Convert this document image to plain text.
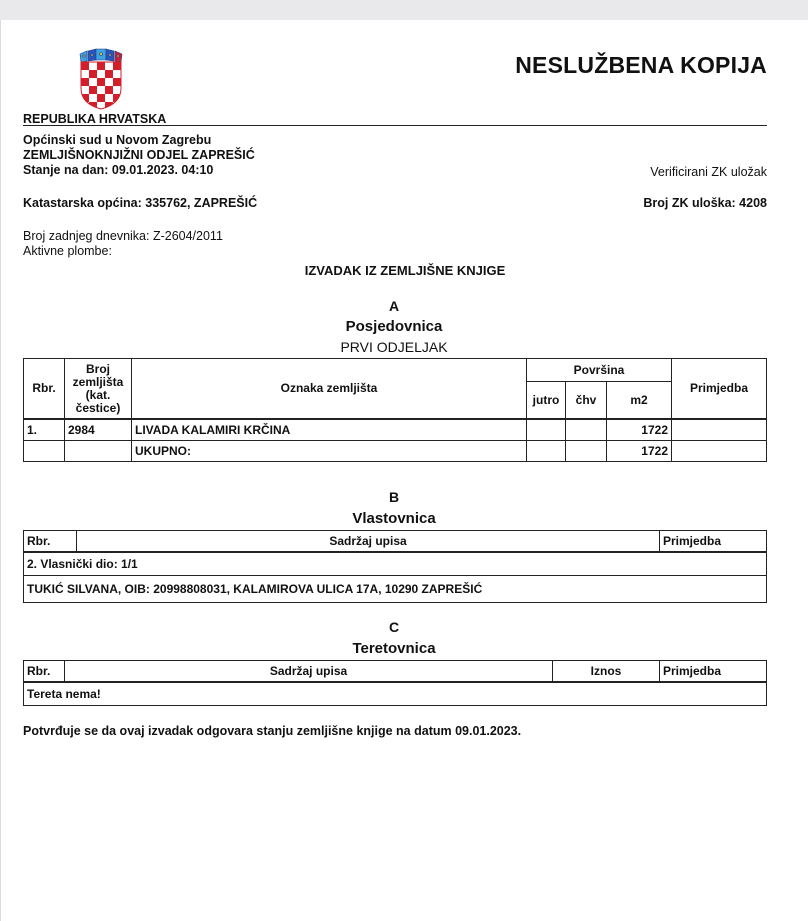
NESLUŽBENA KOPIJA
REPUBLIKA HRVATSKA
Općinski sud u Novom Zagrebu
ZEMLJIŠNOKNJIŽNI ODJEL ZAPREŠIĆ
Stanje na dan: 09.01.2023. 04:10	Verificirani ZK uložak
Katastarska općina: 335762, ZAPREŠIĆ	Broj ZK uloška: 4208
Broj zadnjeg dnevnika: Z-2604/2011
Aktivne plombe:
IZVADAK IZ ZEMLJIŠNE KNJIGE
A
Posjedovnica
PRVI ODJELJAK
Rbr.	Broj
zemljišta
(kat.
čestice)	Oznaka zemljišta	Površina			Primjedba
			jutro	čhv	m2	
1.	2984	LIVADA KALAMIRI KRČINA			1722	
		UKUPNO:			1722	
B
Vlastovnica
Rbr.	Sadržaj upisa	Primjedba
2. Vlasnički dio: 1/1
TUKIĆ SILVANA, OIB: 20998808031, KALAMIROVA ULICA 17A, 10290 ZAPREŠIĆ
C
Teretovnica
Rbr.	Sadržaj upisa	Iznos	Primjedba
Tereta nema!
Potvrđuje se da ovaj izvadak odgovara stanju zemljišne knjige na datum 09.01.2023.
